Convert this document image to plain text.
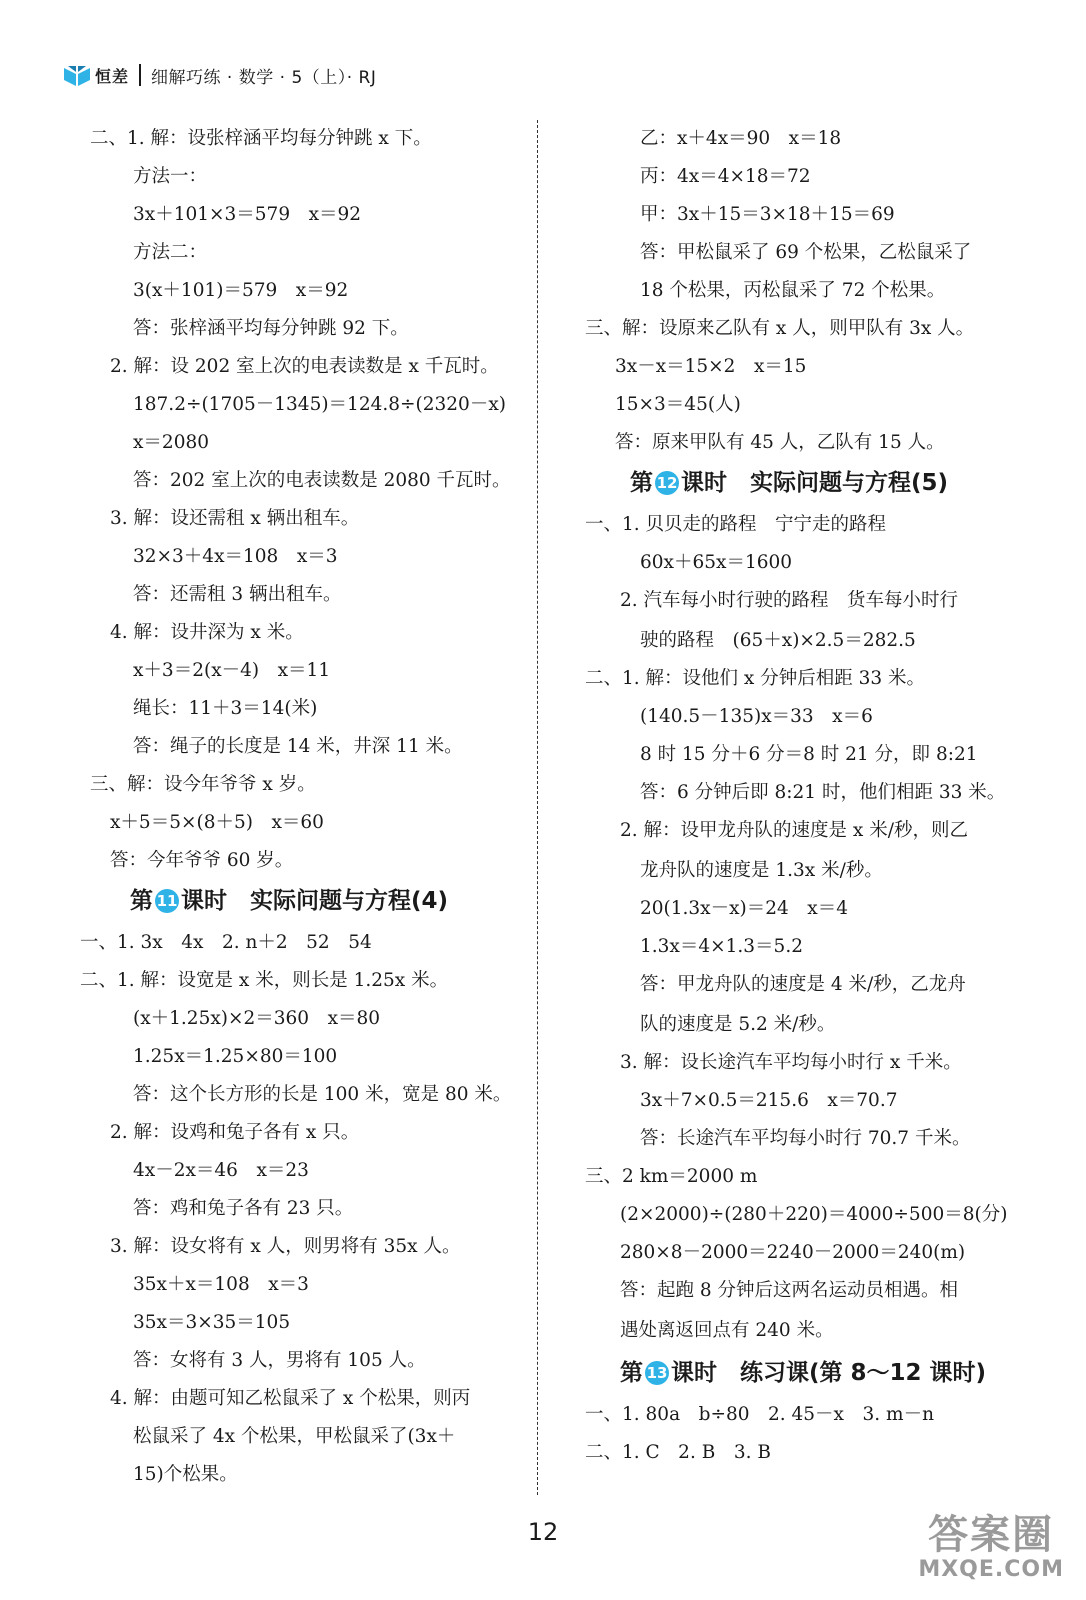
恒差 细解巧练 · 数学 · 5（上）· RJ
二、1. 解：设张梓涵平均每分钟跳 x 下。
方法一：
3x＋101×3＝579　x＝92
方法二：
3(x＋101)＝579　x＝92
答：张梓涵平均每分钟跳 92 下。
2. 解：设 202 室上次的电表读数是 x 千瓦时。
187.2÷(1705－1345)＝124.8÷(2320－x)
x＝2080
答：202 室上次的电表读数是 2080 千瓦时。
3. 解：设还需租 x 辆出租车。
32×3＋4x＝108　x＝3
答：还需租 3 辆出租车。
4. 解：设井深为 x 米。
x＋3＝2(x－4)　x＝11
绳长：11＋3＝14(米)
答：绳子的长度是 14 米，井深 11 米。
三、解：设今年爷爷 x 岁。
x＋5＝5×(8＋5)　x＝60
答：今年爷爷 60 岁。
第 11 课时　实际问题与方程(4)
一、1. 3x　4x　2. n＋2　52　54
二、1. 解：设宽是 x 米，则长是 1.25x 米。
(x＋1.25x)×2＝360　x＝80
1.25x＝1.25×80＝100
答：这个长方形的长是 100 米，宽是 80 米。
2. 解：设鸡和兔子各有 x 只。
4x－2x＝46　x＝23
答：鸡和兔子各有 23 只。
3. 解：设女将有 x 人，则男将有 35x 人。
35x＋x＝108　x＝3
35x＝3×35＝105
答：女将有 3 人，男将有 105 人。
4. 解：由题可知乙松鼠采了 x 个松果，则丙
松鼠采了 4x 个松果，甲松鼠采了(3x＋
15)个松果。
乙：x＋4x＝90　x＝18
丙：4x＝4×18＝72
甲：3x＋15＝3×18＋15＝69
答：甲松鼠采了 69 个松果，乙松鼠采了
18 个松果，丙松鼠采了 72 个松果。
三、解：设原来乙队有 x 人，则甲队有 3x 人。
3x－x＝15×2　x＝15
15×3＝45(人)
答：原来甲队有 45 人，乙队有 15 人。
第 12 课时　实际问题与方程(5)
一、1. 贝贝走的路程　宁宁走的路程
60x＋65x＝1600
2. 汽车每小时行驶的路程　货车每小时行
驶的路程　(65＋x)×2.5＝282.5
二、1. 解：设他们 x 分钟后相距 33 米。
(140.5－135)x＝33　x＝6
8 时 15 分＋6 分＝8 时 21 分，即 8:21
答：6 分钟后即 8:21 时，他们相距 33 米。
2. 解：设甲龙舟队的速度是 x 米/秒，则乙
龙舟队的速度是 1.3x 米/秒。
20(1.3x－x)＝24　x＝4
1.3x＝4×1.3＝5.2
答：甲龙舟队的速度是 4 米/秒，乙龙舟
队的速度是 5.2 米/秒。
3. 解：设长途汽车平均每小时行 x 千米。
3x＋7×0.5＝215.6　x＝70.7
答：长途汽车平均每小时行 70.7 千米。
三、2 km＝2000 m
(2×2000)÷(280＋220)＝4000÷500＝8(分)
280×8－2000＝2240－2000＝240(m)
答：起跑 8 分钟后这两名运动员相遇。相
遇处离返回点有 240 米。
第 13 课时　练习课(第 8～12 课时)
一、1. 80a　b÷80　2. 45－x　3. m－n
二、1. C　2. B　3. B
12	答案圈
MXQE.COM
